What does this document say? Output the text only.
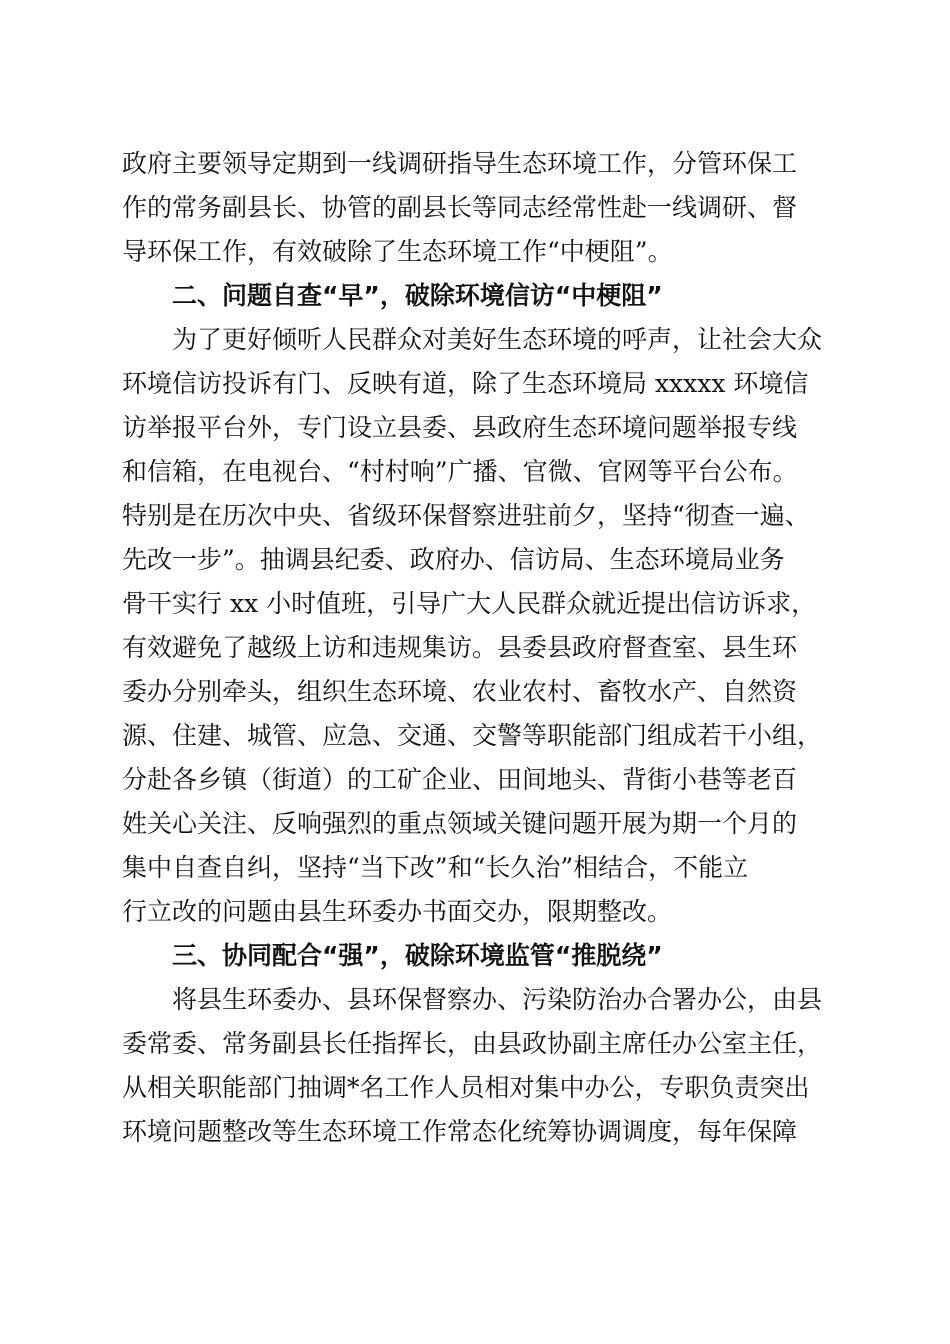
政府主要领导定期到一线调研指导生态环境工作，分管环保工

作的常务副县长、协管的副县长等同志经常性赴一线调研、督

导环保工作，有效破除了生态环境工作“中梗阻”。

二、问题自查“早”，破除环境信访“中梗阻”

为了更好倾听人民群众对美好生态环境的呼声，让社会大众

环境信访投诉有门、反映有道，除了生态环境局 xxxxx 环境信

访举报平台外，专门设立县委、县政府生态环境问题举报专线

和信箱，在电视台、“村村响”广播、官微、官网等平台公布。

特别是在历次中央、省级环保督察进驻前夕，坚持“彻查一遍、

先改一步”。抽调县纪委、政府办、信访局、生态环境局业务

骨干实行 xx 小时值班，引导广大人民群众就近提出信访诉求，

有效避免了越级上访和违规集访。县委县政府督查室、县生环

委办分别牵头，组织生态环境、农业农村、畜牧水产、自然资

源、住建、城管、应急、交通、交警等职能部门组成若干小组，

分赴各乡镇（街道）的工矿企业、田间地头、背街小巷等老百

姓关心关注、反响强烈的重点领域关键问题开展为期一个月的

集中自查自纠，坚持“当下改”和“长久治”相结合，不能立

行立改的问题由县生环委办书面交办，限期整改。

三、协同配合“强”，破除环境监管“推脱绕”

将县生环委办、县环保督察办、污染防治办合署办公，由县

委常委、常务副县长任指挥长，由县政协副主席任办公室主任，

从相关职能部门抽调*名工作人员相对集中办公，专职负责突出

环境问题整改等生态环境工作常态化统筹协调调度，每年保障
